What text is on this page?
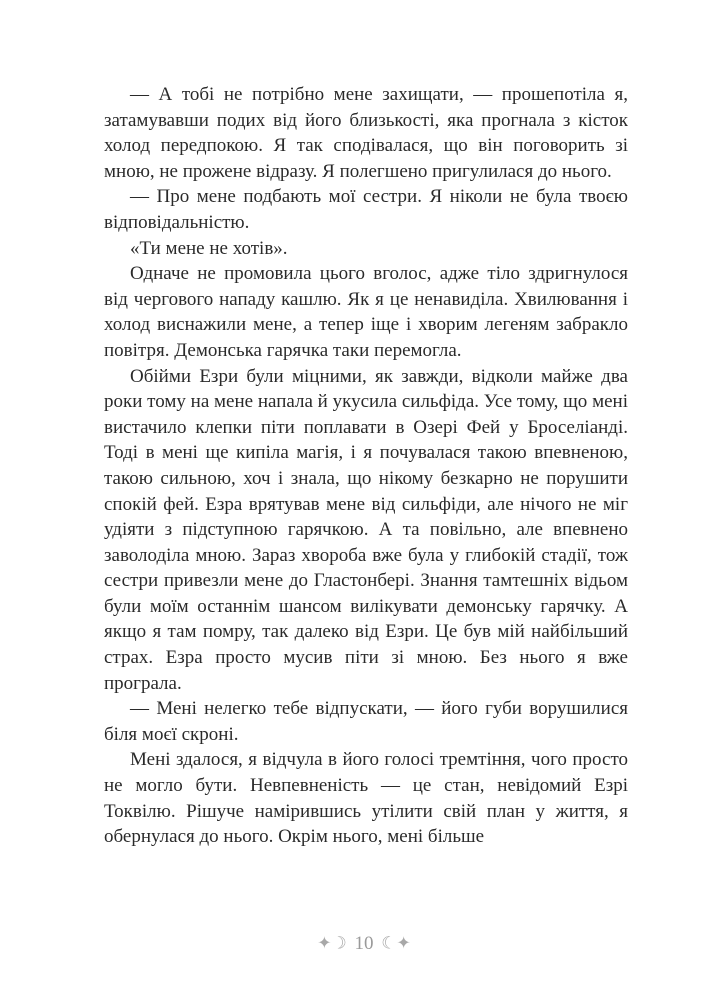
— А тобі не потрібно мене захищати, — прошепотіла я, затамувавши подих від його близькості, яка прогнала з кісток холод передпокою. Я так сподівалася, що він поговорить зі мною, не прожене відразу. Я полегшено пригулилася до нього.

— Про мене подбають мої сестри. Я ніколи не була твоєю відповідальністю.

«Ти мене не хотів».

Одначе не промовила цього вголос, адже тіло здригнулося від чергового нападу кашлю. Як я це ненавиділа. Хвилювання і холод виснажили мене, а тепер іще і хворим легеням забракло повітря. Демонська гарячка таки перемогла.

Обійми Езри були міцними, як завжди, відколи майже два роки тому на мене напала й укусила сильфіда. Усе тому, що мені вистачило клепки піти поплавати в Озері Фей у Броселіанді. Тоді в мені ще кипіла магія, і я почувалася такою впевненою, такою сильною, хоч і знала, що нікому безкарно не порушити спокій фей. Езра врятував мене від сильфіди, але нічого не міг удіяти з підступною гарячкою. А та повільно, але впевнено заволоділа мною. Зараз хвороба вже була у глибокій стадії, тож сестри привезли мене до Гластонбері. Знання тамтешніх відьом були моїм останнім шансом вилікувати демонську гарячку. А якщо я там помру, так далеко від Езри. Це був мій найбільший страх. Езра просто мусив піти зі мною. Без нього я вже програла.

— Мені нелегко тебе відпускати, — його губи ворушилися біля моєї скроні.

Мені здалося, я відчула в його голосі тремтіння, чого просто не могло бути. Невпевненість — це стан, невідомий Езрі Токвілю. Рішуче намірившись утілити свій план у життя, я обернулася до нього. Окрім нього, мені більше

✦☽ 10 ☾✦
